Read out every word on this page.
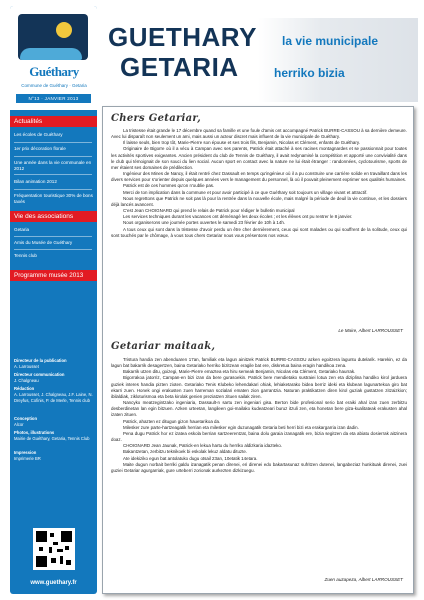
Guéthary
Commune de Guéthary · Getaria
N°13 · JANVIER 2013
Actualités
Les écoles de Guéthary
1er prix décoration florale
Une année dans la vie communale en 2012
Bilan animation 2012
Fréquentation touristique 30% de bons taxés
Vie des associations
Getaria
Amis du Musée de Guéthary
Tennis club
Programme musée 2013
Directeur de la publication
A. Larrousset
Directeur communication
J. Chalgneau
Rédaction
A. Larrousset, J. Chalgneau, J.F. Laine, N. Dreyfus, Cofinis, P. de Merle, Tennis club
Conception
Alcor
Photos, illustrations
Mairie de Guéthary, Getaria, Tennis Club
Impression
Imprimerie BR
www.guethary.fr
GUETHARY la vie municipale
GETARIA	herriko bizia
Chers Getariar,

La tristesse était grande le 17 décembre quand sa famille et une foule d'amis ont accompagné Patrick BURRE-CASSOU à sa dernière demeure. Avec lui disparaît non seulement un ami, mais aussi un acteur discret mais influent de la vie municipale de Guéthary.

Il laisse seuls, bien trop tôt, Marie-Pierre son épouse et ses trois fils, Benjamin, Nicolas et Clément, enfants de Guéthary.

Originaire de Bigorre où il a vécu à Campan avec ses parents, Patrick était attaché à ses racines montagnardes et se passionnait pour toutes les activités sportives exigeantes. Ancien président du club de Tennis de Guéthary, il avait redynamisé la compétition et apporté une convivialité dans le club qui témoignait de son souci du lien social. Aucun sport en contact avec la nature ne lui était étranger : randonnées, cyclotourisme, sports de mer étaient ses domaines de prédilection.

Ingénieur des Mines de Nancy, il était rentré chez Dassault en temps qu'ingénieur où il a pu construire une carrière solide en travaillant dans les divers services pour s'orienter depuis quelques années vers le management du personnel, là où il pouvait pleinement exprimer ses qualités humaines.

Patrick est de ces hommes qu'on n'oublie pas.

Merci de ton implication dans la commune et pour avoir participé à ce que Guéthary soit toujours un village vivant et attractif.

Nous regrettons que Patrick ne soit pas là pour la rentrée dans la nouvelle école, mais malgré la période de deuil la vie continue, et les dossiers déjà lancés avancent.

C'est Jean CHOIGNARD qui prend le relais de Patrick pour rédiger le bulletin municipal

Les services techniques durant les vacances ont déménagé les deux écoles ; et les élèves ont pu rentrer le 8 janvier.

Nous organiserons une journée portes ouvertes le samedi 23 février de 10h à 14h.

A tous ceux qui sont dans la tristesse d'avoir perdu un être cher dernièrement, ceux qui sont malades ou qui souffrent de la solitude, ceux qui sont touchés par le chômage, à vous tous chers Getariar nous vous présentons nos vœux.

Le Maire, Albert LARROUSSET
Getariar maitaak,

Tristura handia zen abenduaren 17an, familiak eta lagun ainitzek Patrick BURRE-CASSOU azken egoitzera laguntu dutelarik. Harekin, ez da lagun bat bakarrik desagertzen, baina Getariako herriko bizitzean eragile bat ere, diskretua baina eragin handikoa zena.

Bakarrik utzen ditu, goizegi, Marie-Pierre emaztea eta hiru semeak Benjamin, Nicolas eta Clément, Getariako haurrak.

Bigorrakoa jatorriz, Campan-en bizi izan da bere gurasoekin. Patrick bere mendietako sustraiei lotua zen eta diziplina handiko kirol jarduera guziek interes handia pizten zioten. Getariako Tenis Klubeko lehendakari ohiak, lehiaketarako bidea berriz ideki eta klubean lagunartekoa giro bat ekarri zuen. Honek ongi erakusten zuen harreman sozialari ematen zion garrantzia. Naturan praktikatzen diren kirol guziak gustatzen zitzaizkion; ibilaldiak, zikloturismoa eta beta kirolak genien preziatzen zituen sailak ziren.

Nancyko meatzegintzako ingeniaria, Dassault-n sartu zen ingeniari gisa. Berton bide profesional serio bat eraiki ahal izan zuen zerbitzu desberdinetan lan egin bitzuen. Azken urteetan, langileen goi-mailako kudeatzeari buruz itzuli zen, eta honetan bere giza-kualitateak erakusten ahal izaten zituen.

Patrick, ahazten ez ditugun gizon hauetarikoa da.

Milesker zure parte-hartzeagatik herrian eta milesker egin duzunagatik Getaria beti herri bizi eta erakargarria izan dadin.

Pena dugu Patrick hor ez izatea eskola berrian sartzeerentzat, baina dolu garaia izanagatik ere, bizia segitzen da eta abiatu dosierrak aitzinera doaz.

CHOIGNARD Jean Jaunak, Patrick-en lekua hartu du herriko aldizkaria idazteko.

Bakantzetan, zerbitzu teknikoek bi eskolak lekuz aldatu dituzte.

Ate idekiziko egun bat antolatuko dugu otsail 23an, 10etatik 14etara.

Maite dugun norbait berriki galdu izanagatik penan direnei, eri direnei edo bakartasunaz sufritzen dutenei, langabeziaz hunkituak direnei, zuei guziei Getariar agurgarriak, gure urteberri zorionak aurkezten dizkizuegu.

Zuen auzapeza, Albert LARROUSSET
